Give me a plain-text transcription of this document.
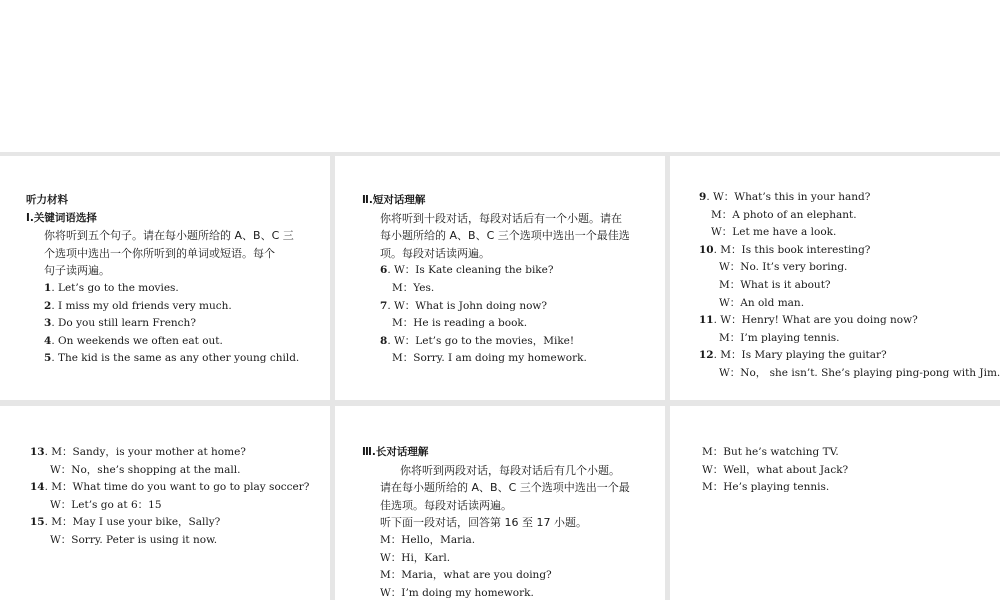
听力材料
Ⅰ.关键词语选择
你将听到五个句子。请在每小题所给的 A、B、C 三
个选项中选出一个你所听到的单词或短语。每个
句子读两遍。
1. Let’s go to the movies.
2. I miss my old friends very much.
3. Do you still learn French?
4. On weekends we often eat out.
5. The kid is the same as any other young child.
Ⅱ.短对话理解
你将听到十段对话，每段对话后有一个小题。请在
每小题所给的 A、B、C 三个选项中选出一个最佳选
项。每段对话读两遍。
6. W：Is Kate cleaning the bike?
M：Yes.
7. W：What is John doing now?
M：He is reading a book.
8. W：Let’s go to the movies，Mike!
M：Sorry. I am doing my homework.
9. W：What’s this in your hand?
M：A photo of an elephant.
W：Let me have a look.
10. M：Is this book interesting?
W：No. It’s very boring.
M：What is it about?
W：An old man.
11. W：Henry! What are you doing now?
M：I’m playing tennis.
12. M：Is Mary playing the guitar?
W：No， she isn’t. She’s playing ping-pong with Jim.
13. M：Sandy，is your mother at home?
W：No，she’s shopping at the mall.
14. M：What time do you want to go to play soccer?
W：Let’s go at 6：15
15. M：May I use your bike，Sally?
W：Sorry. Peter is using it now.
Ⅲ.长对话理解
你将听到两段对话，每段对话后有几个小题。
请在每小题所给的 A、B、C 三个选项中选出一个最
佳选项。每段对话读两遍。
听下面一段对话，回答第 16 至 17 小题。
M：Hello，Maria.
W：Hi，Karl.
M：Maria，what are you doing?
W：I’m doing my homework.
M：But he’s watching TV.
W：Well，what about Jack?
M：He’s playing tennis.
